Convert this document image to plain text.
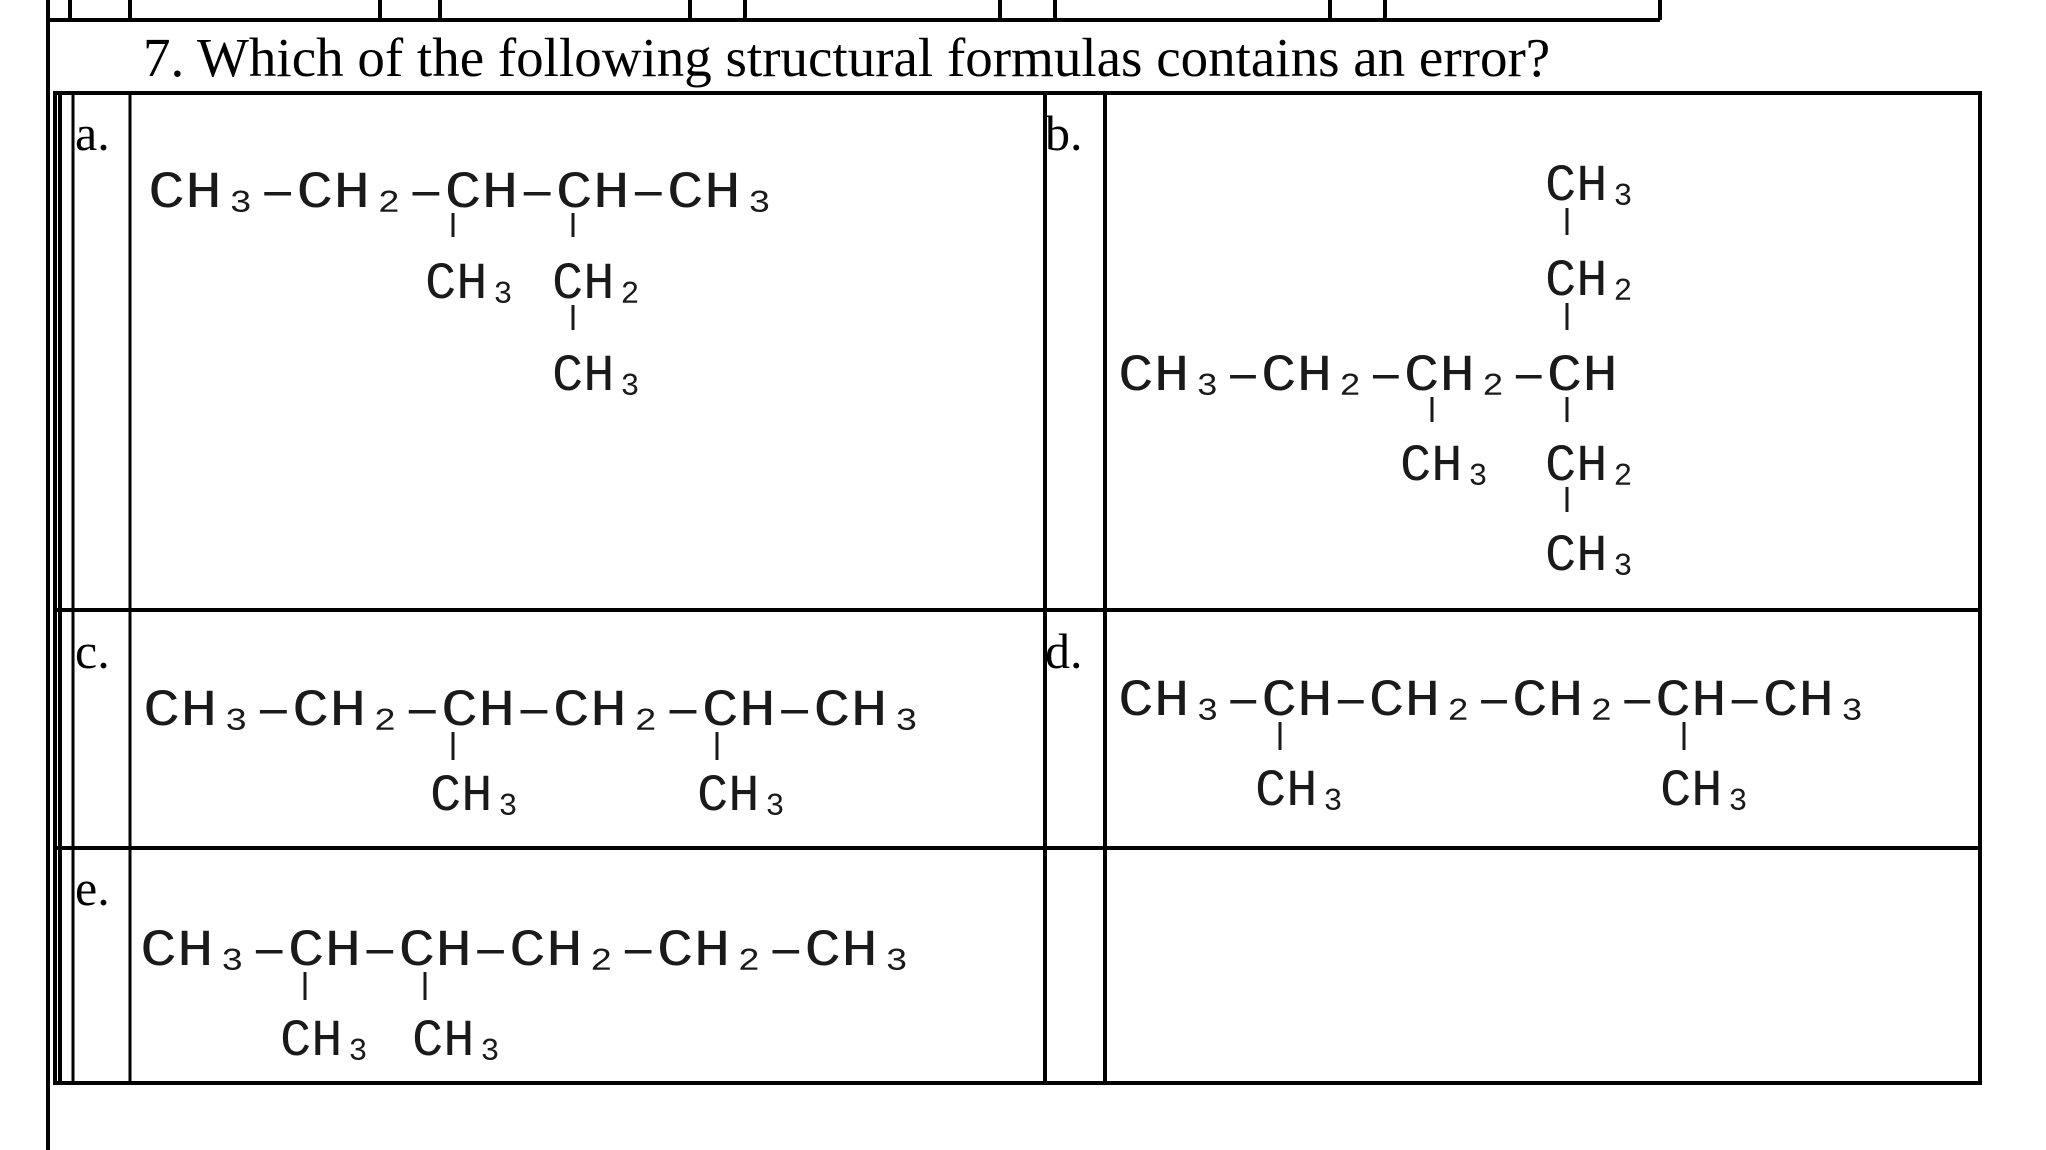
7. Which of the following structural formulas contains an error?
a.
CH₃–CH₂–CH–CH–CH₃
CH₃ CH₂
CH₃
b.
CH₃
CH₂
CH₃–CH₂–CH₂–CH
CH₃ CH₂
CH₃
c.
CH₃–CH₂–CH–CH₂–CH–CH₃
CH₃	CH₃
d.
CH₃–CH–CH₂–CH₂–CH–CH₃
CH₃	CH₃
e.
CH₃–CH–CH–CH₂–CH₂–CH₃
CH₃ CH₃
